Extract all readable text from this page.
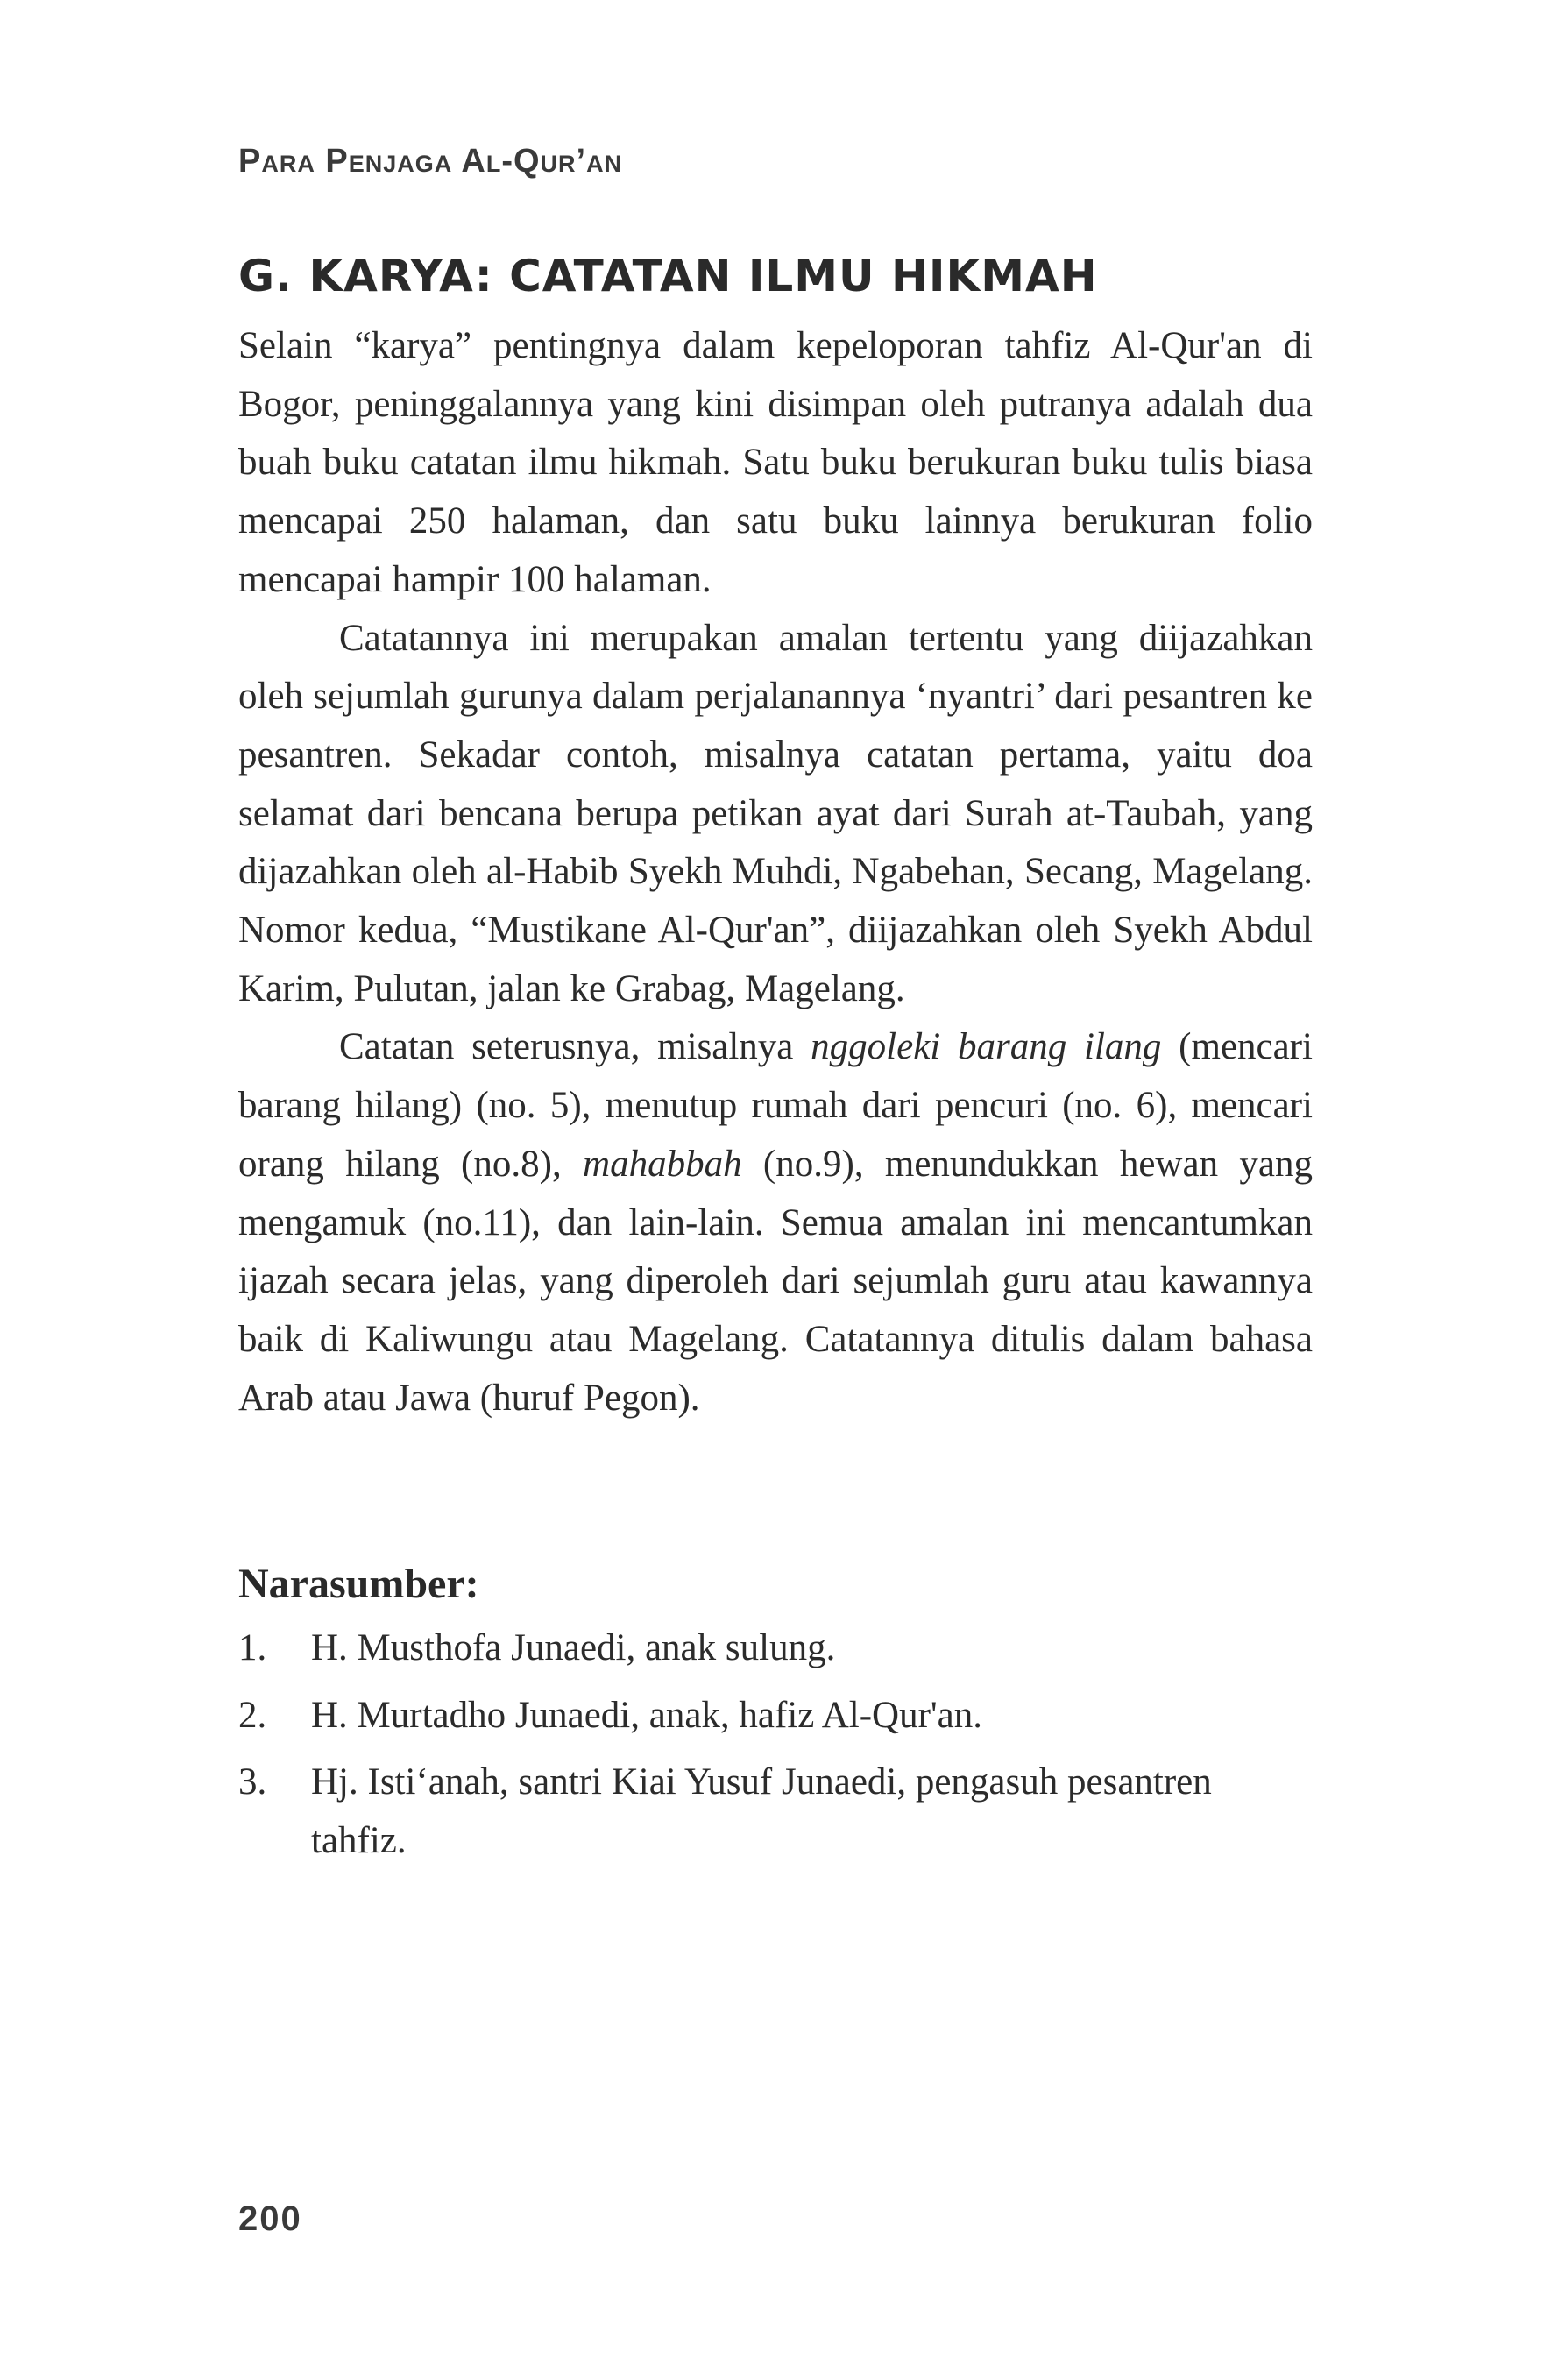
Para Penjaga Al-Qur’an
G. KARYA: CATATAN ILMU HIKMAH

Selain “karya” pentingnya dalam kepeloporan tahfiz Al-Qur'an di Bogor, peninggalannya yang kini disimpan oleh putranya adalah dua buah buku catatan ilmu hikmah. Satu buku berukuran buku tulis biasa mencapai 250 halaman, dan satu buku lainnya berukuran folio mencapai hampir 100 halaman.

Catatannya ini merupakan amalan tertentu yang diijazahkan oleh sejumlah gurunya dalam perjalanannya ‘nyantri’ dari pesantren ke pesantren. Sekadar contoh, misalnya catatan pertama, yaitu doa selamat dari bencana berupa petikan ayat dari Surah at-Taubah, yang dijazahkan oleh al-Habib Syekh Muhdi, Ngabehan, Secang, Magelang. Nomor kedua, “Mustikane Al-Qur'an”, diijazahkan oleh Syekh Abdul Karim, Pulutan, jalan ke Grabag, Magelang.

Catatan seterusnya, misalnya nggoleki barang ilang (mencari barang hilang) (no. 5), menutup rumah dari pencuri (no. 6), mencari orang hilang (no.8), mahabbah (no.9), menundukkan hewan yang mengamuk (no.11), dan lain-lain. Semua amalan ini mencantumkan ijazah secara jelas, yang diperoleh dari sejumlah guru atau kawannya baik di Kaliwungu atau Magelang. Catatannya ditulis dalam bahasa Arab atau Jawa (huruf Pegon).

Narasumber:
1. H. Musthofa Junaedi, anak sulung.
2. H. Murtadho Junaedi, anak, hafiz Al-Qur'an.
3. Hj. Isti‘anah, santri Kiai Yusuf Junaedi, pengasuh pesantren tahfiz.
200
